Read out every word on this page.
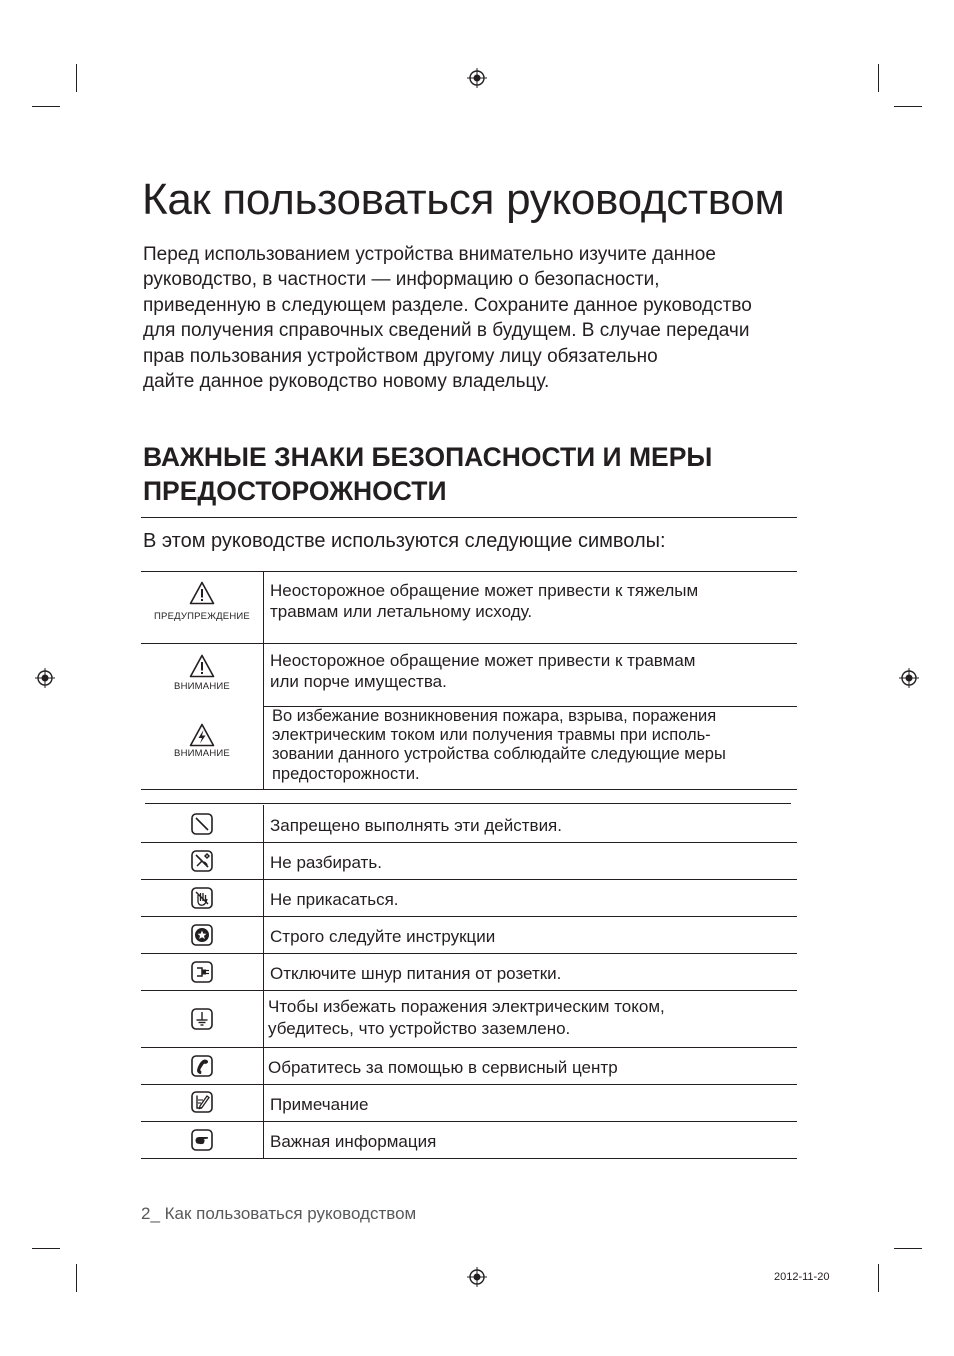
Как пользоваться руководством

Перед использованием устройства внимательно изучите данное
руководство, в частности — информацию о безопасности,
приведенную в следующем разделе. Сохраните данное руководство
для получения справочных сведений в будущем. В случае передачи
прав пользования устройством другому лицу обязательно
дайте данное руководство новому владельцу.

ВАЖНЫЕ ЗНАКИ БЕЗОПАСНОСТИ И МЕРЫ
ПРЕДОСТОРОЖНОСТИ
В этом руководстве используются следующие символы:
ПРЕДУПРЕЖДЕНИЕ
Неосторожное обращение может привести к тяжелым
травмам или летальному исходу.
ВНИМАНИЕ
Неосторожное обращение может привести к травмам
или порче имущества.
ВНИМАНИЕ
Во избежание возникновения пожара, взрыва, поражения
электрическим током или получения травмы при исполь-
зовании данного устройства соблюдайте следующие меры
предосторожности.
Запрещено выполнять эти действия.
Не разбирать.
Не прикасаться.
Строго следуйте инструкции
Отключите шнур питания от розетки.
Чтобы избежать поражения электрическим током,
убедитесь, что устройство заземлено.
Обратитесь за помощью в сервисный центр
Примечание
Важная информация
2_ Как пользоваться руководством
2012-11-20
